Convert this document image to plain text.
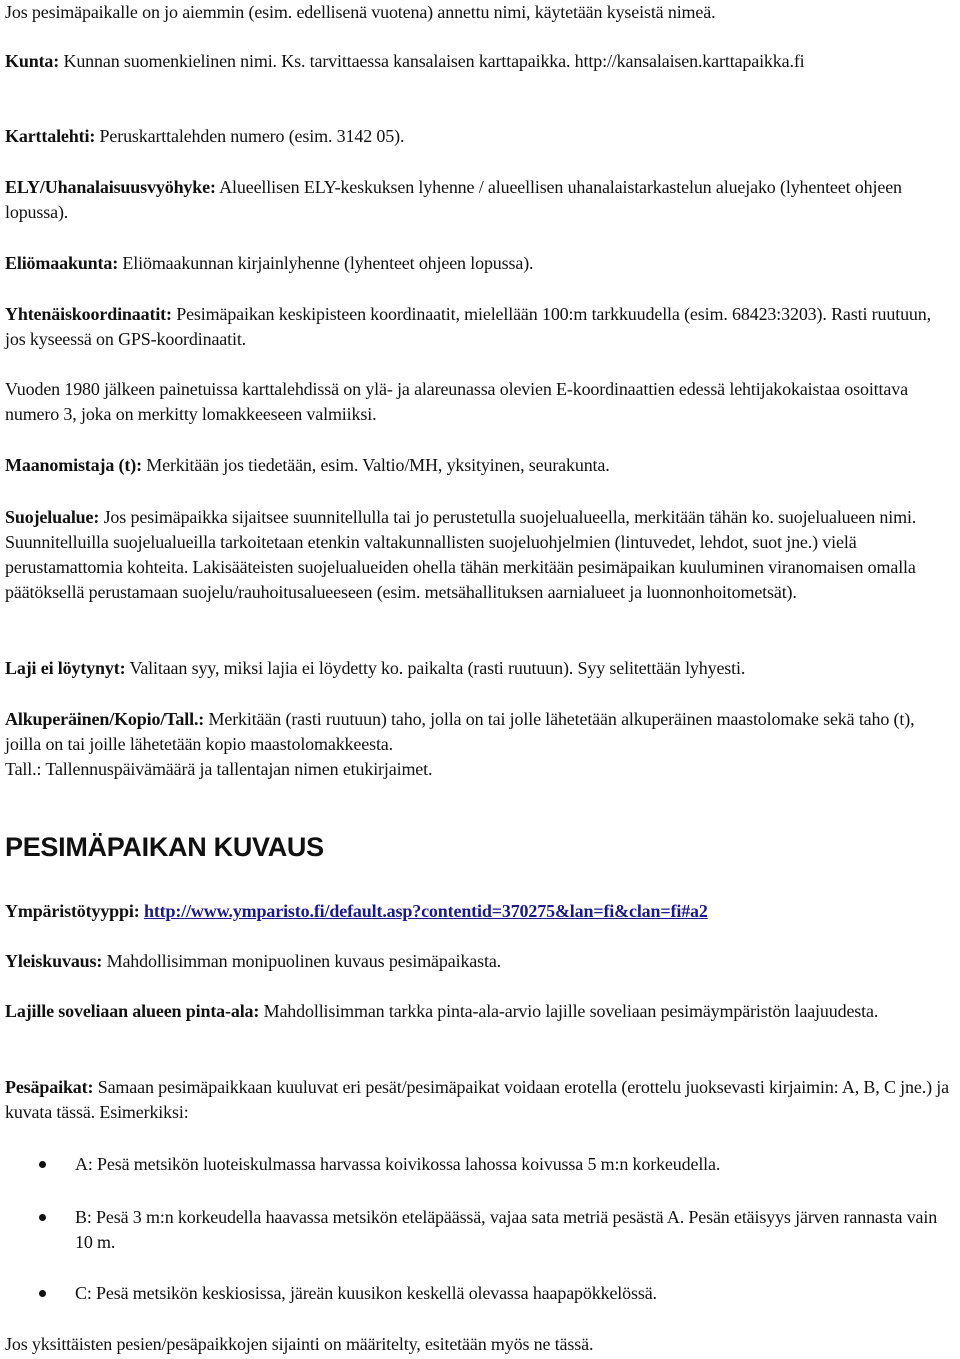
Jos pesimäpaikalle on jo aiemmin (esim. edellisenä vuotena) annettu nimi, käytetään kyseistä nimeä.

Kunta: Kunnan suomenkielinen nimi. Ks. tarvittaessa kansalaisen karttapaikka. http://kansalaisen.karttapaikka.fi

Karttalehti: Peruskarttalehden numero (esim. 3142 05).

ELY/Uhanalaisuusvyöhyke: Alueellisen ELY-keskuksen lyhenne / alueellisen uhanalaistarkastelun aluejako (lyhenteet ohjeen lopussa).

Eliömaakunta: Eliömaakunnan kirjainlyhenne (lyhenteet ohjeen lopussa).

Yhtenäiskoordinaatit: Pesimäpaikan keskipisteen koordinaatit, mielellään 100:m tarkkuudella (esim. 68423:3203). Rasti ruutuun, jos kyseessä on GPS-koordinaatit.

Vuoden 1980 jälkeen painetuissa karttalehdissä on ylä- ja alareunassa olevien E-koordinaattien edessä lehtijakokaistaa osoittava numero 3, joka on merkitty lomakkeeseen valmiiksi.

Maanomistaja (t): Merkitään jos tiedetään, esim. Valtio/MH, yksityinen, seurakunta.

Suojelualue: Jos pesimäpaikka sijaitsee suunnitellulla tai jo perustetulla suojelualueella, merkitään tähän ko. suojelualueen nimi. Suunnitelluilla suojelualueilla tarkoitetaan etenkin valtakunnallisten suojeluohjelmien (lintuvedet, lehdot, suot jne.) vielä perustamattomia kohteita. Lakisääteisten suojelualueiden ohella tähän merkitään pesimäpaikan kuuluminen viranomaisen omalla päätöksellä perustamaan suojelu/rauhoitusalueeseen (esim. metsähallituksen aarnialueet ja luonnonhoitometsät).

Laji ei löytynyt: Valitaan syy, miksi lajia ei löydetty ko. paikalta (rasti ruutuun). Syy selitettään lyhyesti.

Alkuperäinen/Kopio/Tall.: Merkitään (rasti ruutuun) taho, jolla on tai jolle lähetetään alkuperäinen maastolomake sekä taho (t), joilla on tai joille lähetetään kopio maastolomakkeesta.
Tall.: Tallennuspäivämäärä ja tallentajan nimen etukirjaimet.

PESIMÄPAIKAN KUVAUS

Ympäristötyyppi: http://www.ymparisto.fi/default.asp?contentid=370275&lan=fi&clan=fi#a2

Yleiskuvaus: Mahdollisimman monipuolinen kuvaus pesimäpaikasta.

Lajille soveliaan alueen pinta-ala: Mahdollisimman tarkka pinta-ala-arvio lajille soveliaan pesimäympäristön laajuudesta.

Pesäpaikat: Samaan pesimäpaikkaan kuuluvat eri pesät/pesimäpaikat voidaan erotella (erottelu juoksevasti kirjaimin: A, B, C jne.) ja kuvata tässä. Esimerkiksi:

A: Pesä metsikön luoteiskulmassa harvassa koivikossa lahossa koivussa 5 m:n korkeudella.
B: Pesä 3 m:n korkeudella haavassa metsikön eteläpäässä, vajaa sata metriä pesästä A. Pesän etäisyys järven rannasta vain 10 m.
C: Pesä metsikön keskiosissa, järeän kuusikon keskellä olevassa haapapökkelössä.

Jos yksittäisten pesien/pesäpaikkojen sijainti on määritelty, esitetään myös ne tässä.
